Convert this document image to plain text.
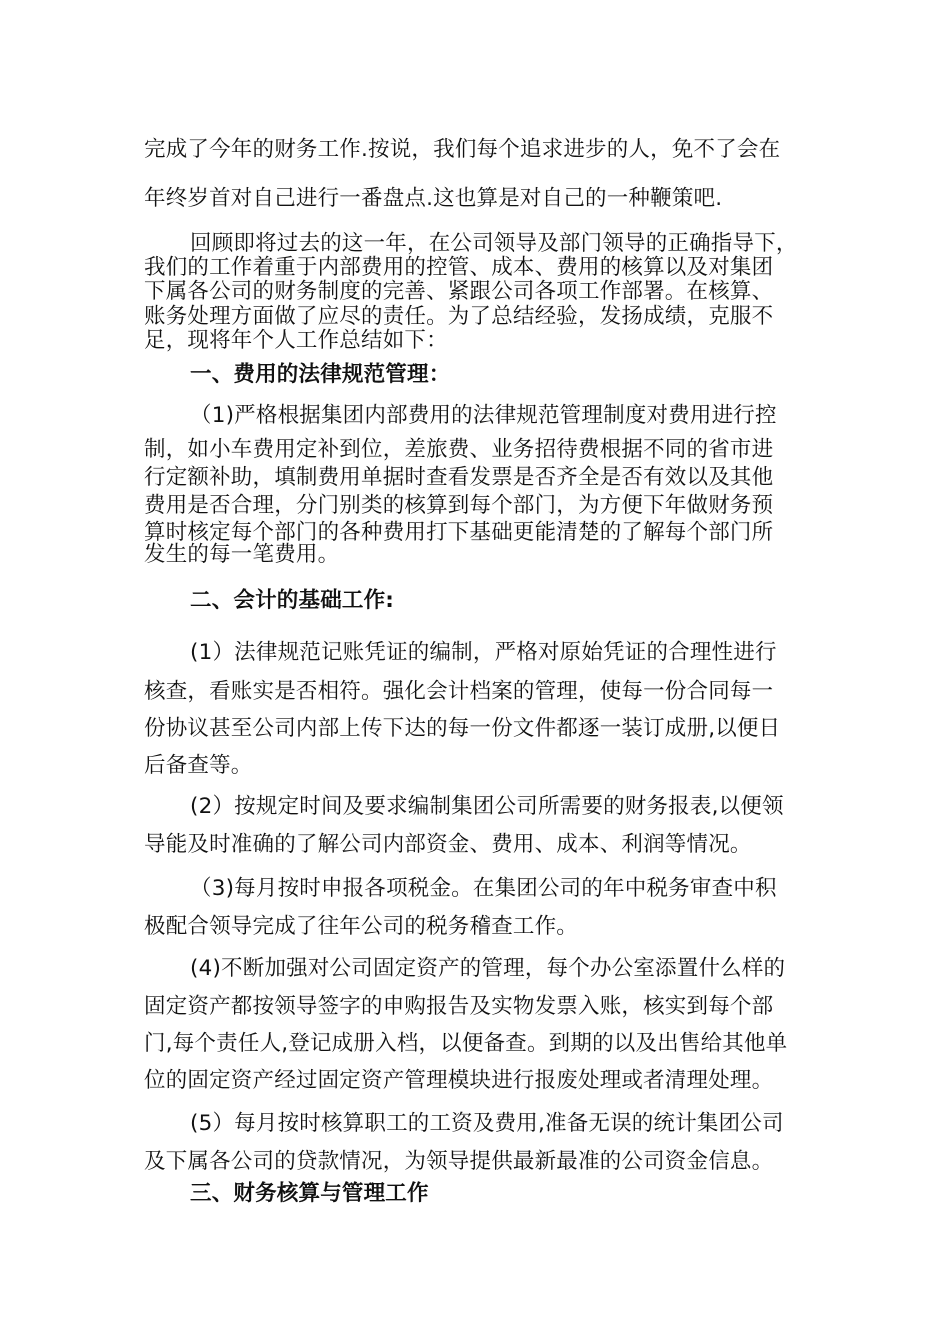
完成了今年的财务工作.按说，我们每个追求进步的人，免不了会在
年终岁首对自己进行一番盘点.这也算是对自己的一种鞭策吧.
回顾即将过去的这一年，在公司领导及部门领导的正确指导下，
我们的工作着重于内部费用的控管、成本、费用的核算以及对集团
下属各公司的财务制度的完善、紧跟公司各项工作部署。在核算、
账务处理方面做了应尽的责任。为了总结经验，发扬成绩，克服不
足，现将年个人工作总结如下：
一、费用的法律规范管理：
（1)严格根据集团内部费用的法律规范管理制度对费用进行控
制，如小车费用定补到位，差旅费、业务招待费根据不同的省市进
行定额补助，填制费用单据时查看发票是否齐全是否有效以及其他
费用是否合理，分门别类的核算到每个部门，为方便下年做财务预
算时核定每个部门的各种费用打下基础更能清楚的了解每个部门所
发生的每一笔费用。
二、会计的基础工作:
(1）法律规范记账凭证的编制，严格对原始凭证的合理性进行
核查，看账实是否相符。强化会计档案的管理，使每一份合同每一
份协议甚至公司内部上传下达的每一份文件都逐一装订成册,以便日
后备查等。
(2）按规定时间及要求编制集团公司所需要的财务报表,以便领
导能及时准确的了解公司内部资金、费用、成本、利润等情况。
（3)每月按时申报各项税金。在集团公司的年中税务审查中积
极配合领导完成了往年公司的税务稽查工作。
(4)不断加强对公司固定资产的管理，每个办公室添置什么样的
固定资产都按领导签字的申购报告及实物发票入账，核实到每个部
门,每个责任人,登记成册入档，以便备查。到期的以及出售给其他单
位的固定资产经过固定资产管理模块进行报废处理或者清理处理。
(5）每月按时核算职工的工资及费用,准备无误的统计集团公司
及下属各公司的贷款情况，为领导提供最新最准的公司资金信息。
三、财务核算与管理工作
